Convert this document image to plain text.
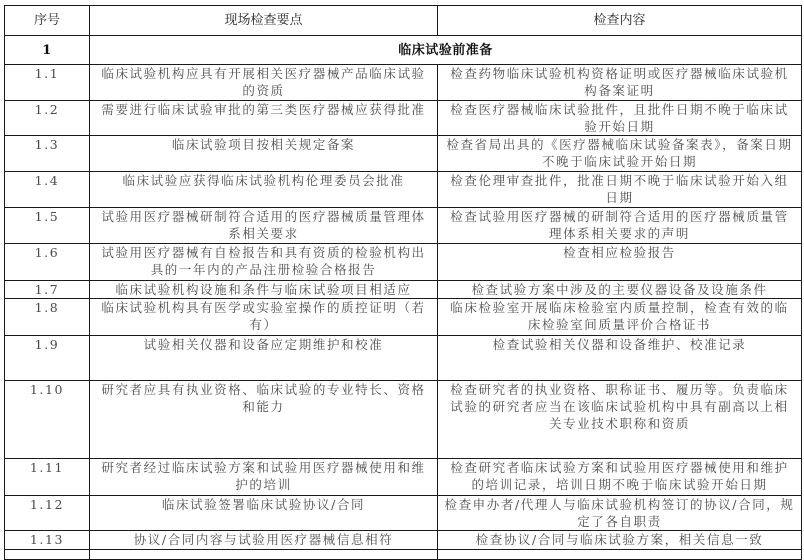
序号	现场检查要点	检查内容
1	临床试验前准备	
1.1	临床试验机构应具有开展相关医疗器械产品临床试验的资质	检查药物临床试验机构资格证明或医疗器械临床试验机构备案证明
1.2	需要进行临床试验审批的第三类医疗器械应获得批准	检查医疗器械临床试验批件，且批件日期不晚于临床试验开始日期
1.3	临床试验项目按相关规定备案	检查省局出具的《医疗器械临床试验备案表》，备案日期不晚于临床试验开始日期
1.4	临床试验应获得临床试验机构伦理委员会批准	检查伦理审查批件，批准日期不晚于临床试验开始入组日期
1.5	试验用医疗器械研制符合适用的医疗器械质量管理体系相关要求	检查试验用医疗器械的研制符合适用的医疗器械质量管理体系相关要求的声明
1.6	试验用医疗器械有自检报告和具有资质的检验机构出具的一年内的产品注册检验合格报告	检查相应检验报告
1.7	临床试验机构设施和条件与临床试验项目相适应	检查试验方案中涉及的主要仪器设备及设施条件
1.8	临床试验机构具有医学或实验室操作的质控证明（若有）	临床检验室开展临床检验室内质量控制，检查有效的临床检验室间质量评价合格证书
1.9	试验相关仪器和设备应定期维护和校准	检查试验相关仪器和设备维护、校准记录
1.10	研究者应具有执业资格、临床试验的专业特长、资格和能力	检查研究者的执业资格、职称证书、履历等。负责临床试验的研究者应当在该临床试验机构中具有副高以上相关专业技术职称和资质
1.11	研究者经过临床试验方案和试验用医疗器械使用和维护的培训	检查研究者临床试验方案和试验用医疗器械使用和维护的培训记录，培训日期不晚于临床试验开始日期
1.12	临床试验签署临床试验协议/合同	检查申办者/代理人与临床试验机构签订的协议/合同，规定了各自职责
1.13	协议/合同内容与试验用医疗器械信息相符	检查协议/合同与临床试验方案，相关信息一致
